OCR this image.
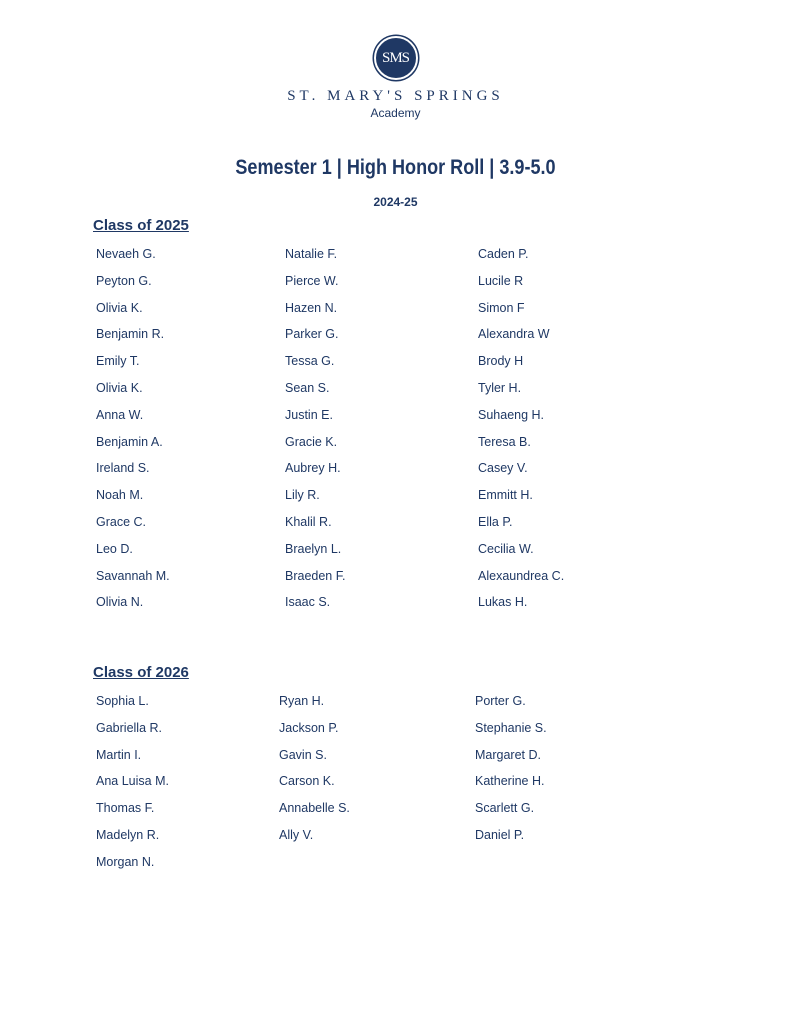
SMS
ST. MARY'S SPRINGS
Academy
Semester 1 | High Honor Roll | 3.9-5.0
2024-25
Class of 2025
Nevaeh G.
Peyton G.
Olivia K.
Benjamin R.
Emily T.
Olivia K.
Anna W.
Benjamin A.
Ireland S.
Noah M.
Grace C.
Leo D.
Savannah M.
Olivia N.
Natalie F.
Pierce W.
Hazen N.
Parker G.
Tessa G.
Sean S.
Justin E.
Gracie K.
Aubrey H.
Lily R.
Khalil R.
Braelyn L.
Braeden F.
Isaac S.
Caden P.
Lucile R
Simon F
Alexandra W
Brody H
Tyler H.
Suhaeng H.
Teresa B.
Casey V.
Emmitt H.
Ella P.
Cecilia W.
Alexaundrea C.
Lukas H.
Class of 2026
Sophia L.
Gabriella R.
Martin I.
Ana Luisa M.
Thomas F.
Madelyn R.
Morgan N.
Ryan H.
Jackson P.
Gavin S.
Carson K.
Annabelle S.
Ally V.
Porter G.
Stephanie S.
Margaret D.
Katherine H.
Scarlett G.
Daniel P.
